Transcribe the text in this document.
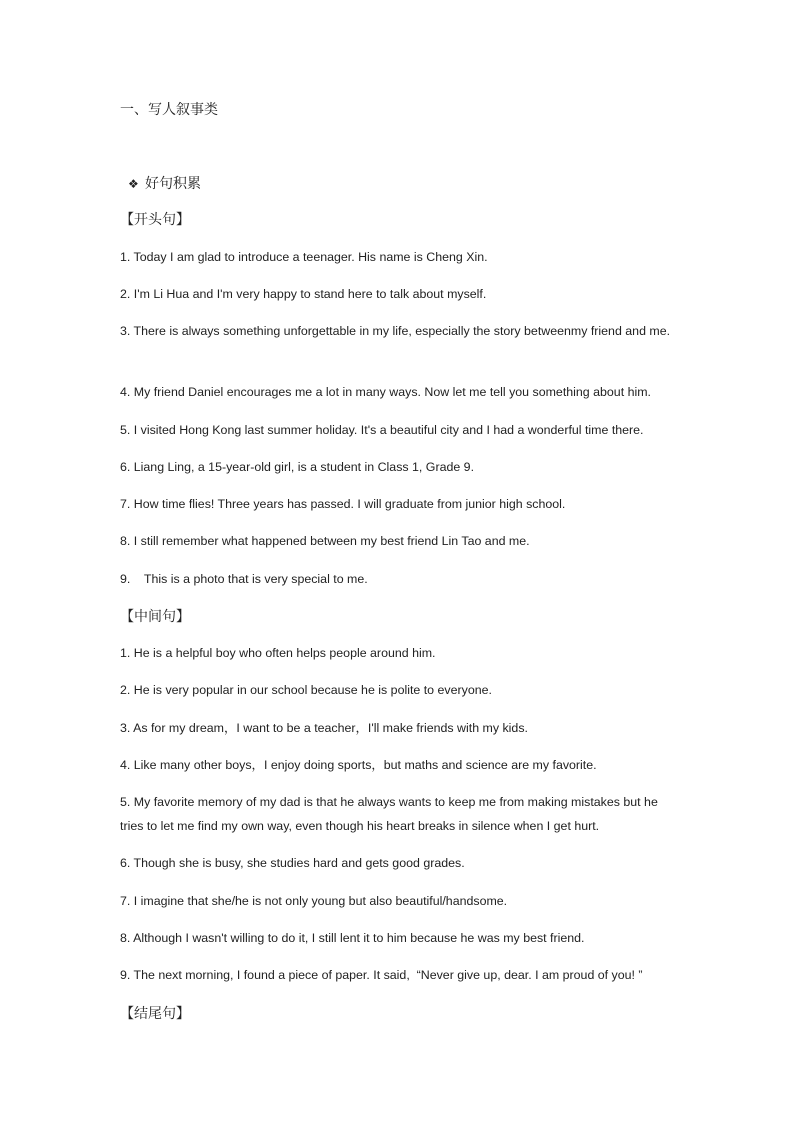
一、写人叙事类
❖ 好句积累
【开头句】
1. Today I am glad to introduce a teenager. His name is Cheng Xin.
2. I'm Li Hua and I'm very happy to stand here to talk about myself.
3. There is always something unforgettable in my life, especially the story betweenmy friend and me.
4. My friend Daniel encourages me a lot in many ways. Now let me tell you something about him.
5. I visited Hong Kong last summer holiday. It's a beautiful city and I had a wonderful time there.
6. Liang Ling, a 15-year-old girl, is a student in Class 1, Grade 9.
7. How time flies! Three years has passed. I will graduate from junior high school.
8. I still remember what happened between my best friend Lin Tao and me.
9.    This is a photo that is very special to me.
【中间句】
1. He is a helpful boy who often helps people around him.
2. He is very popular in our school because he is polite to everyone.
3. As for my dream，I want to be a teacher，I'll make friends with my kids.
4. Like many other boys，I enjoy doing sports，but maths and science are my favorite.
5. My favorite memory of my dad is that he always wants to keep me from making mistakes but he tries to let me find my own way, even though his heart breaks in silence when I get hurt.
6. Though she is busy, she studies hard and gets good grades.
7. I imagine that she/he is not only young but also beautiful/handsome.
8. Although I wasn't willing to do it, I still lent it to him because he was my best friend.
9. The next morning, I found a piece of paper. It said,  “Never give up, dear. I am proud of you! ”
【结尾句】
